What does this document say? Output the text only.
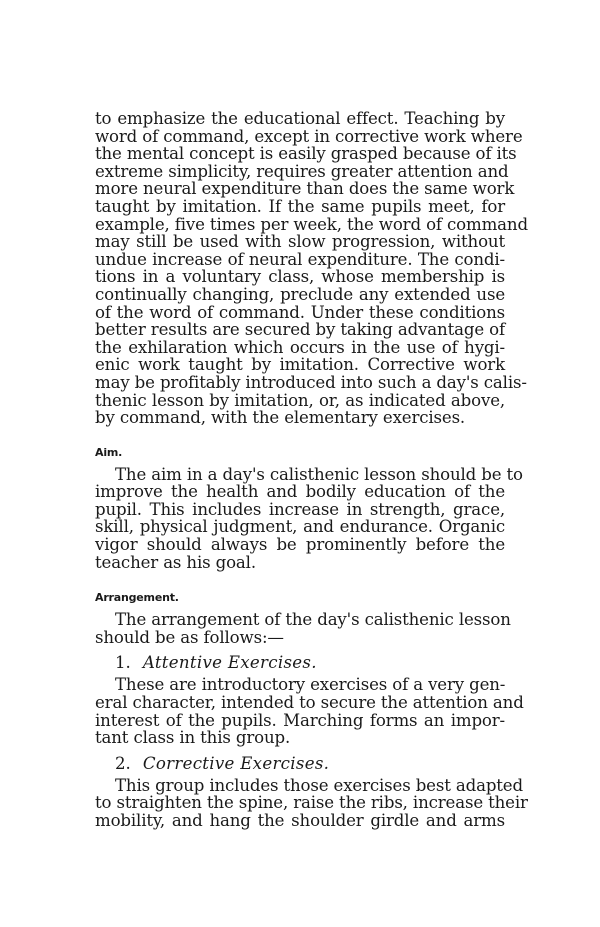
to emphasize the educational effect. Teaching by
word of command, except in corrective work where
the mental concept is easily grasped because of its
extreme simplicity, requires greater attention and
more neural expenditure than does the same work
taught by imitation. If the same pupils meet, for
example, five times per week, the word of command
may still be used with slow progression, without
undue increase of neural expenditure. The condi-
tions in a voluntary class, whose membership is
continually changing, preclude any extended use
of the word of command. Under these conditions
better results are secured by taking advantage of
the exhilaration which occurs in the use of hygi-
enic work taught by imitation. Corrective work
may be profitably introduced into such a day's calis-
thenic lesson by imitation, or, as indicated above,
by command, with the elementary exercises.
Aim.
The aim in a day's calisthenic lesson should be to
improve the health and bodily education of the
pupil. This includes increase in strength, grace,
skill, physical judgment, and endurance. Organic
vigor should always be prominently before the
teacher as his goal.
Arrangement.
The arrangement of the day's calisthenic lesson
should be as follows:—
1. Attentive Exercises.
These are introductory exercises of a very gen-
eral character, intended to secure the attention and
interest of the pupils. Marching forms an impor-
tant class in this group.
2. Corrective Exercises.
This group includes those exercises best adapted
to straighten the spine, raise the ribs, increase their
mobility, and hang the shoulder girdle and arms
